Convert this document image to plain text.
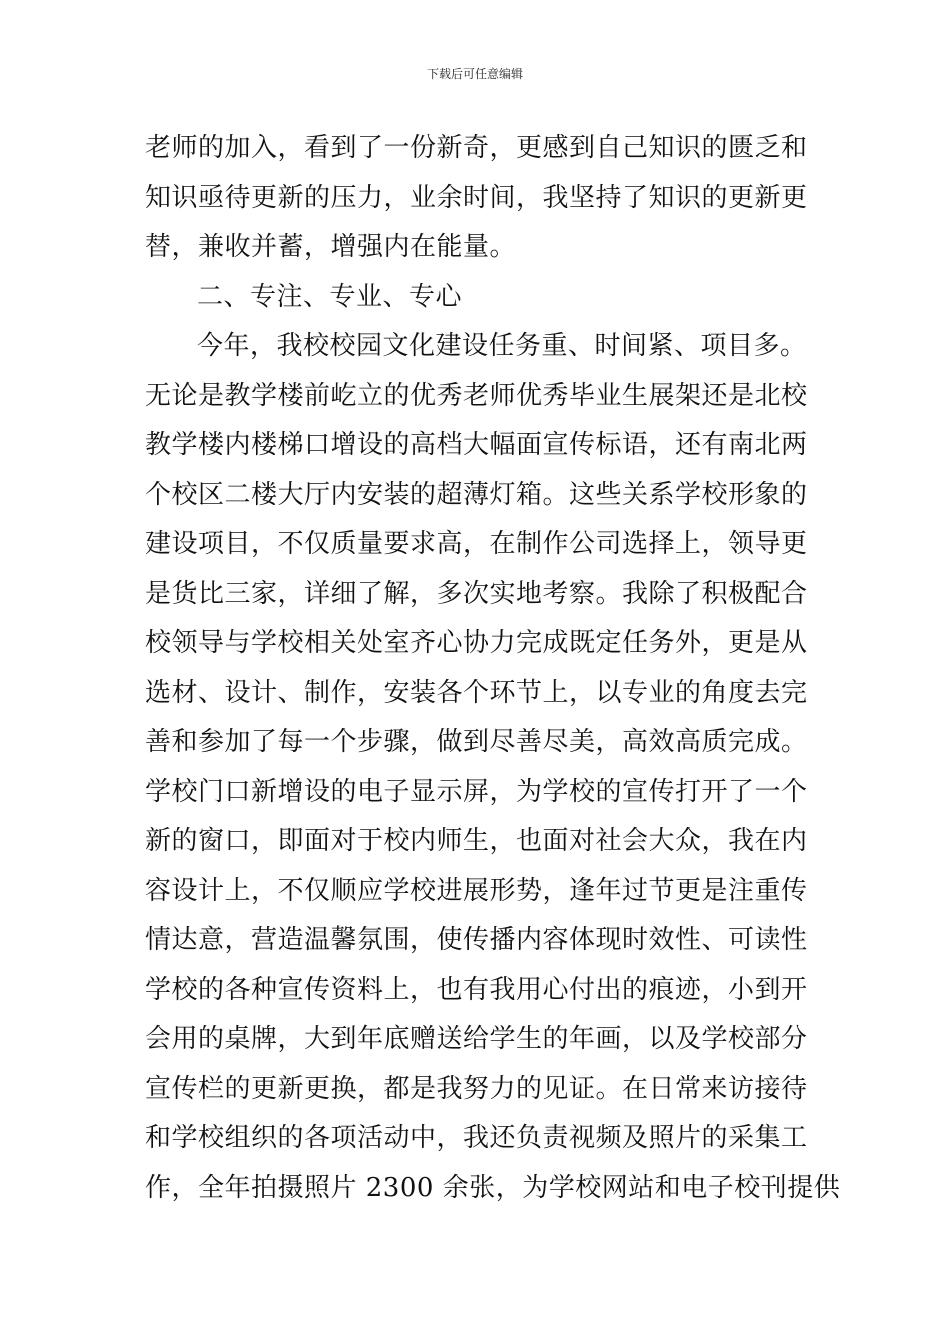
下载后可任意编辑
老师的加入，看到了一份新奇，更感到自己知识的匮乏和
知识亟待更新的压力，业余时间，我坚持了知识的更新更
替，兼收并蓄，增强内在能量。
二、专注、专业、专心
今年，我校校园文化建设任务重、时间紧、项目多。
无论是教学楼前屹立的优秀老师优秀毕业生展架还是北校
教学楼内楼梯口增设的高档大幅面宣传标语，还有南北两
个校区二楼大厅内安装的超薄灯箱。这些关系学校形象的
建设项目，不仅质量要求高，在制作公司选择上，领导更
是货比三家，详细了解，多次实地考察。我除了积极配合
校领导与学校相关处室齐心协力完成既定任务外，更是从
选材、设计、制作，安装各个环节上，以专业的角度去完
善和参加了每一个步骤，做到尽善尽美，高效高质完成。
学校门口新增设的电子显示屏，为学校的宣传打开了一个
新的窗口，即面对于校内师生，也面对社会大众，我在内
容设计上，不仅顺应学校进展形势，逢年过节更是注重传
情达意，营造温馨氛围，使传播内容体现时效性、可读性
学校的各种宣传资料上，也有我用心付出的痕迹，小到开
会用的桌牌，大到年底赠送给学生的年画，以及学校部分
宣传栏的更新更换，都是我努力的见证。在日常来访接待
和学校组织的各项活动中，我还负责视频及照片的采集工
作，全年拍摄照片 2300 余张，为学校网站和电子校刊提供
